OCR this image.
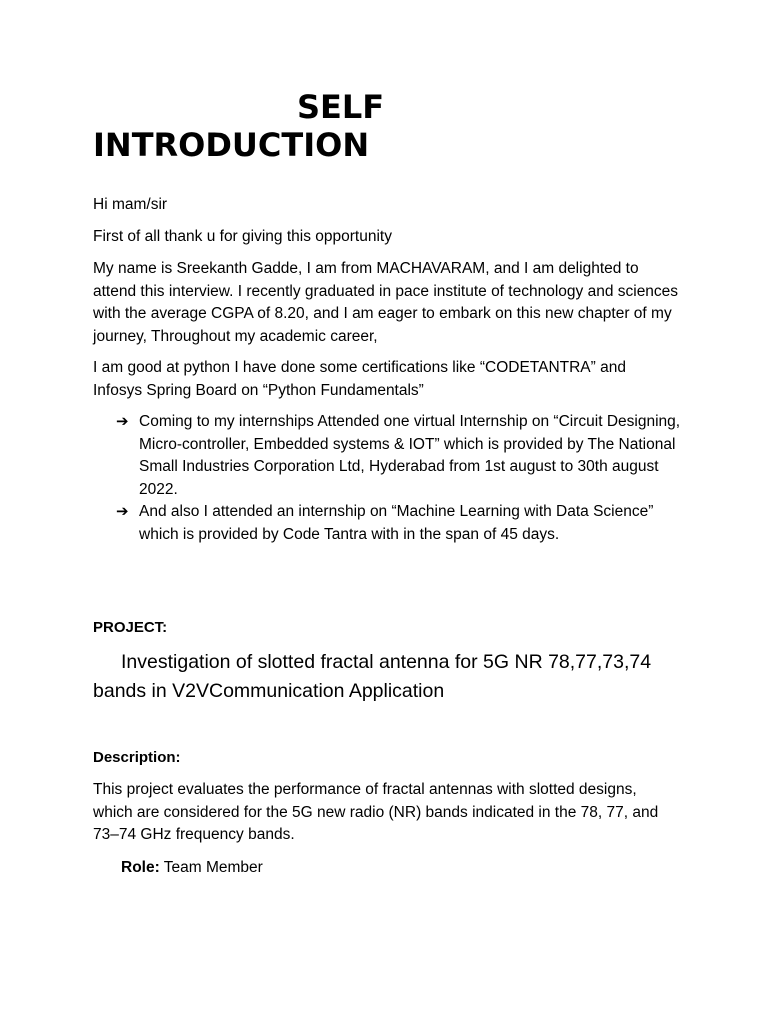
SELF
INTRODUCTION

Hi mam/sir

First of all thank u for giving this opportunity

My name is Sreekanth Gadde, I am from MACHAVARAM, and I am delighted to attend this interview. I recently graduated in pace institute of technology and sciences with the average CGPA of 8.20, and I am eager to embark on this new chapter of my journey, Throughout my academic career,

I am good at python I have done some certifications like “CODETANTRA” and Infosys Spring Board on “Python Fundamentals”

➔ Coming to my internships Attended one virtual Internship on “Circuit Designing, Micro-controller, Embedded systems & IOT” which is provided by The National Small Industries Corporation Ltd, Hyderabad from 1st august to 30th august 2022.
➔ And also I attended an internship on “Machine Learning with Data Science” which is provided by Code Tantra with in the span of 45 days.

PROJECT:

Investigation of slotted fractal antenna for 5G NR 78,77,73,74 bands in V2VCommunication Application

Description:

This project evaluates the performance of fractal antennas with slotted designs, which are considered for the 5G new radio (NR) bands indicated in the 78, 77, and 73–74 GHz frequency bands.

Role: Team Member
